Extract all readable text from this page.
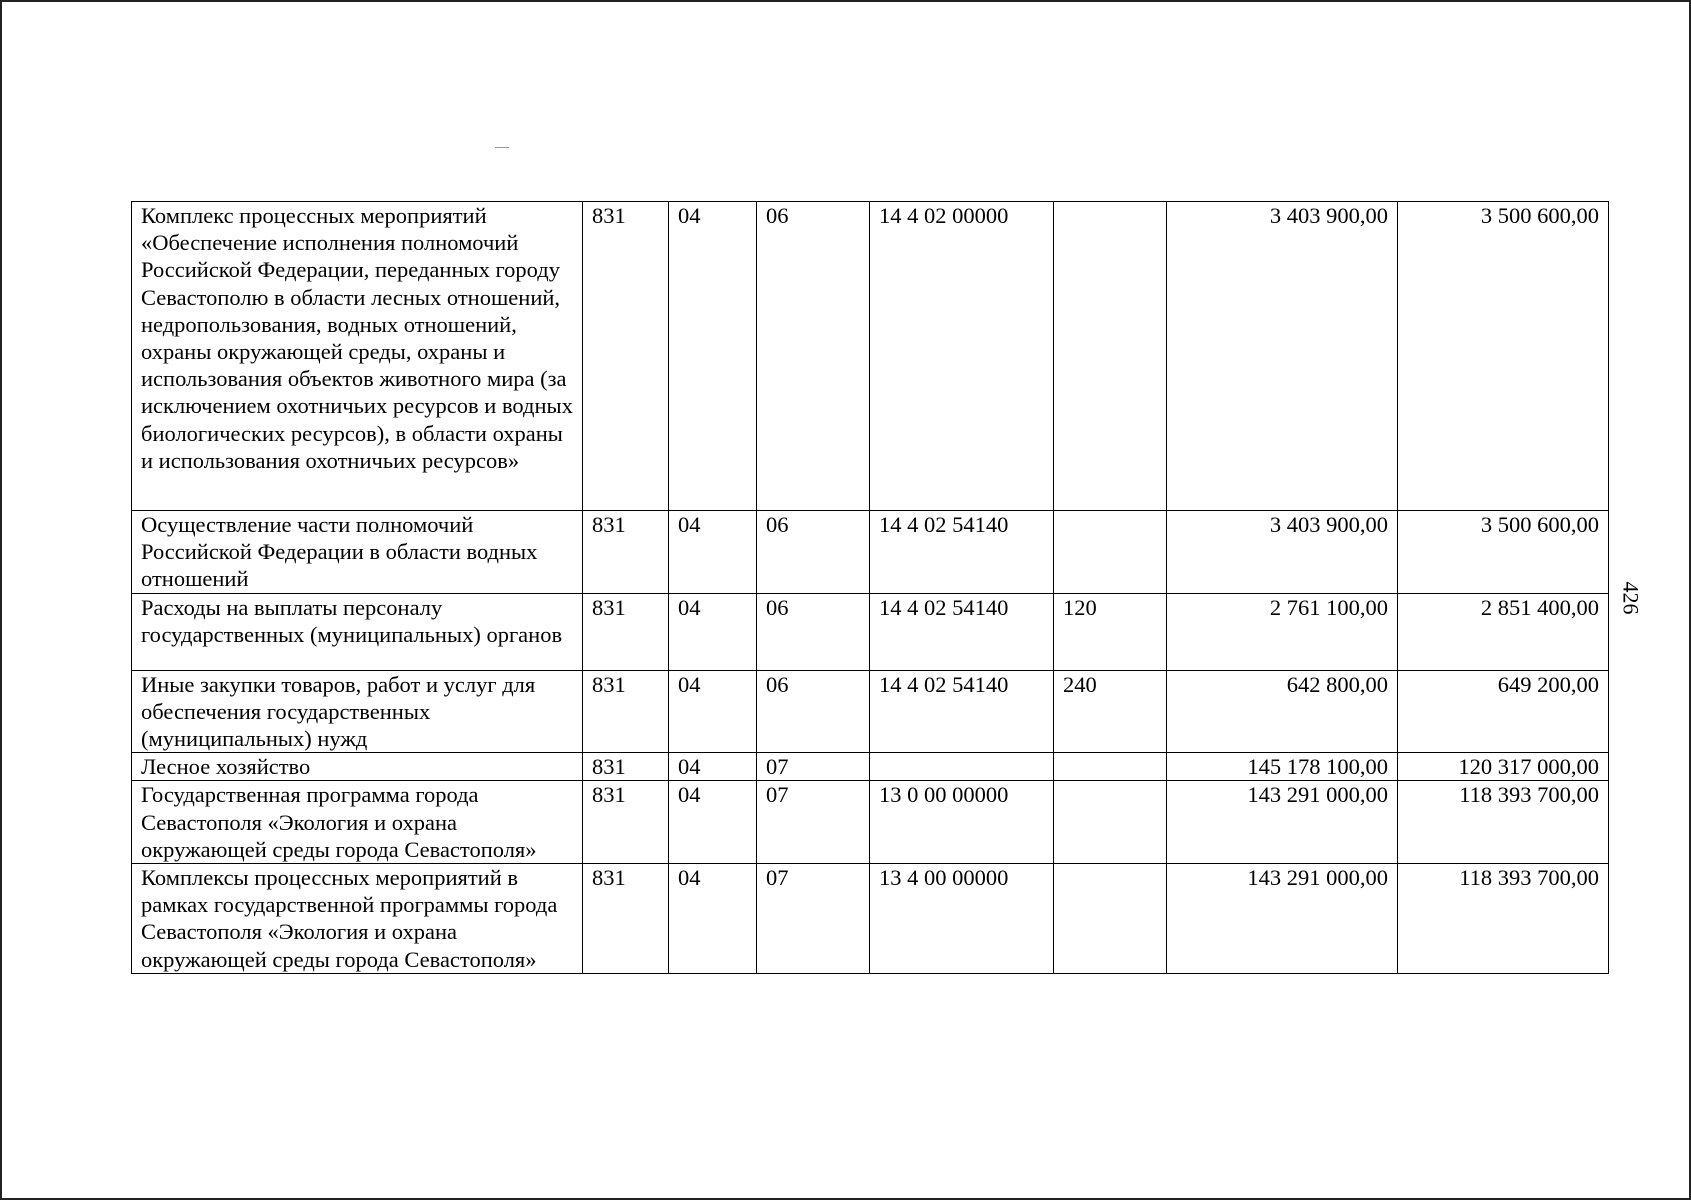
Комплекс процессных мероприятий «Обеспечение исполнения полномочий Российской Федерации, переданных городу Севастополю в области лесных отношений, недропользования, водных отношений, охраны окружающей среды, охраны и использования объектов животного мира (за исключением охотничьих ресурсов и водных биологических ресурсов), в области охраны и использования охотничьих ресурсов»	831	04	06	14 4 02 00000		3 403 900,00	3 500 600,00
Осуществление части полномочий Российской Федерации в области водных отношений	831	04	06	14 4 02 54140		3 403 900,00	3 500 600,00
Расходы на выплаты персоналу государственных (муниципальных) органов	831	04	06	14 4 02 54140	120	2 761 100,00	2 851 400,00
Иные закупки товаров, работ и услуг для обеспечения государственных (муниципальных) нужд	831	04	06	14 4 02 54140	240	642 800,00	649 200,00
Лесное хозяйство	831	04	07			145 178 100,00	120 317 000,00
Государственная программа города Севастополя «Экология и охрана окружающей среды города Севастополя»	831	04	07	13 0 00 00000		143 291 000,00	118 393 700,00
Комплексы процессных мероприятий в рамках государственной программы города Севастополя «Экология и охрана окружающей среды города Севастополя»	831	04	07	13 4 00 00000		143 291 000,00	118 393 700,00
426
